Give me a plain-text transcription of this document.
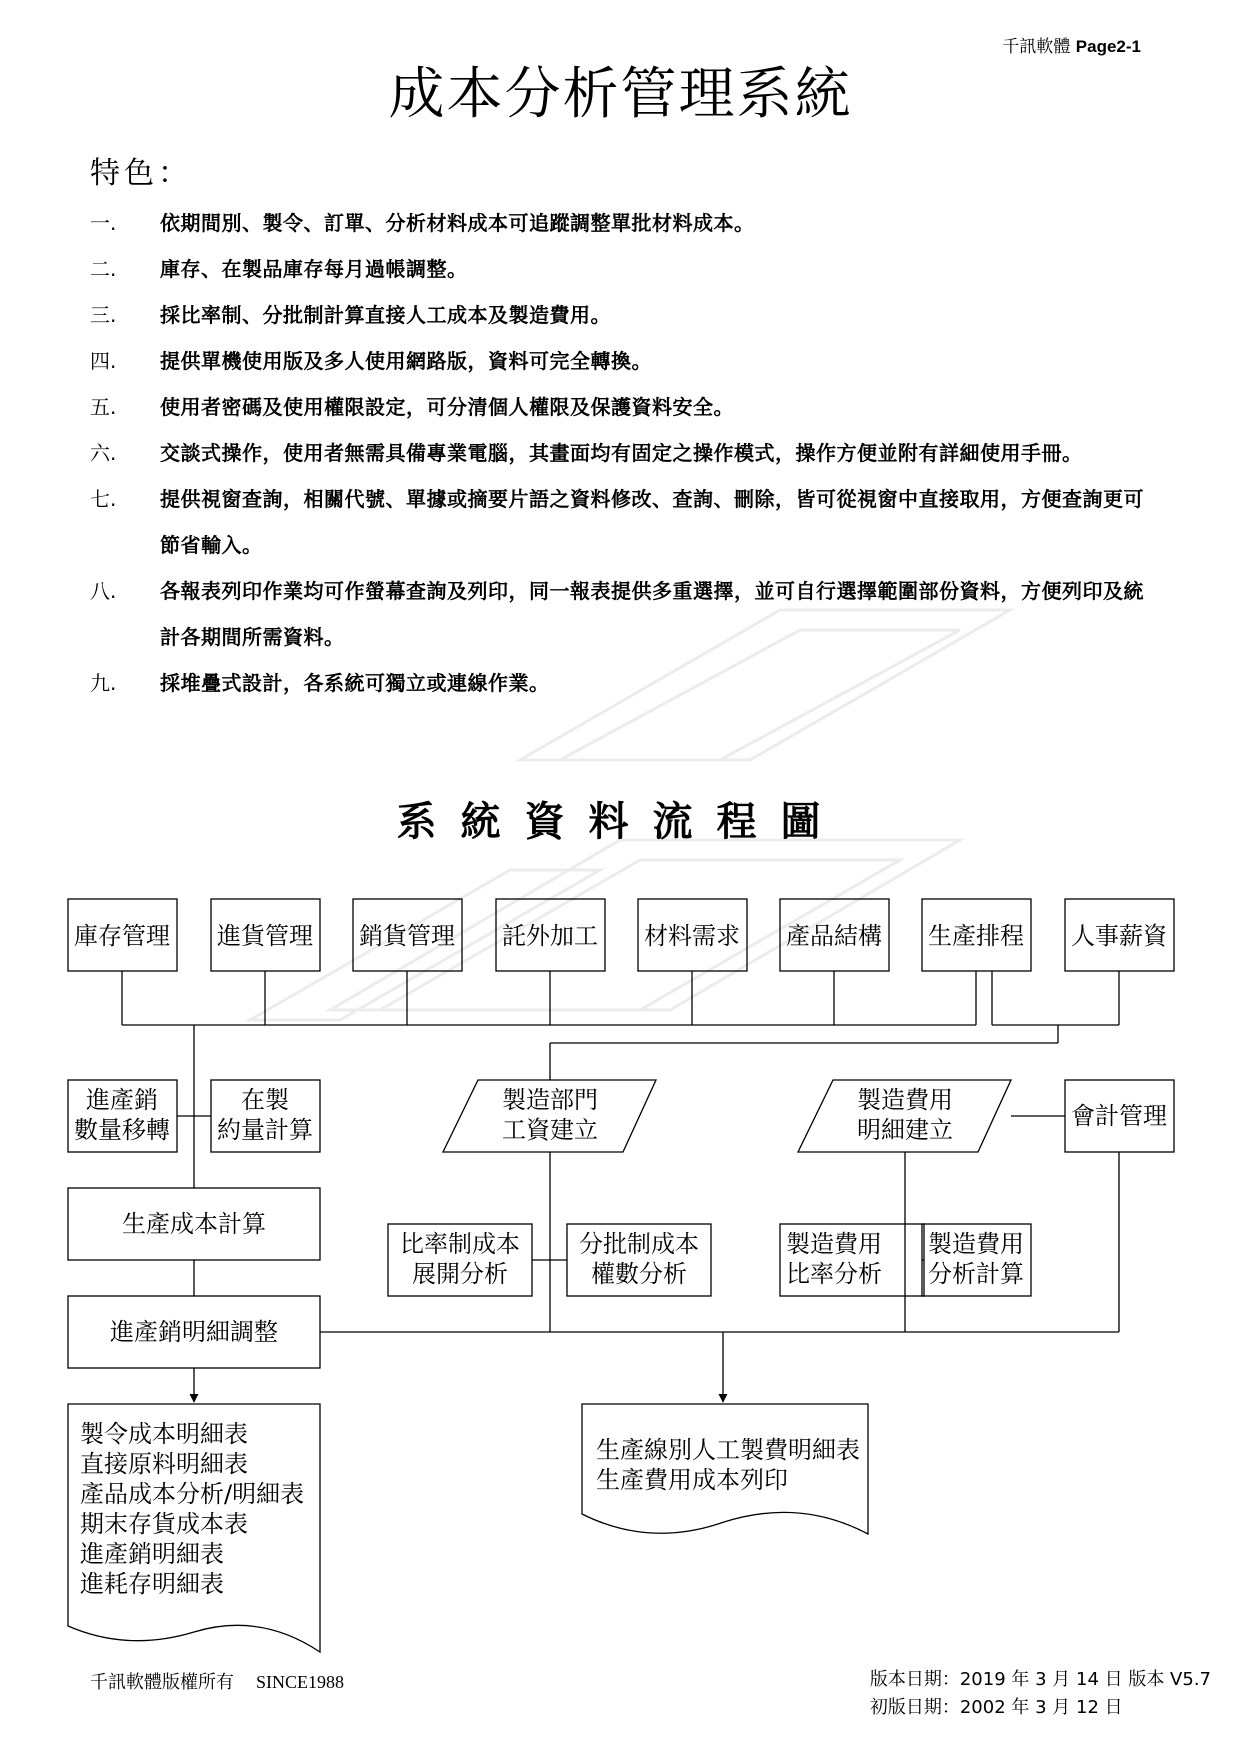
千訊軟體 Page2-1
成本分析管理系統
特色：
一. 依期間別、製令、訂單、分析材料成本可追蹤調整單批材料成本。
二. 庫存、在製品庫存每月過帳調整。
三. 採比率制、分批制計算直接人工成本及製造費用。
四. 提供單機使用版及多人使用網路版，資料可完全轉換。
五. 使用者密碼及使用權限設定，可分清個人權限及保護資料安全。
六. 交談式操作，使用者無需具備專業電腦，其畫面均有固定之操作模式，操作方便並附有詳細使用手冊。
七. 提供視窗查詢，相關代號、單據或摘要片語之資料修改、查詢、刪除，皆可從視窗中直接取用，方便查詢更可節省輸入。
八. 各報表列印作業均可作螢幕查詢及列印，同一報表提供多重選擇，並可自行選擇範圍部份資料，方便列印及統計各期間所需資料。
九. 採堆疊式設計，各系統可獨立或連線作業。
系統資料流程圖
庫存管理 進貨管理 銷貨管理 託外加工 材料需求 產品結構 生產排程 人事薪資
進產銷
數量移轉
在製
約量計算
製造部門
工資建立
製造費用
明細建立	會計管理
生產成本計算
比率制成本
展開分析
分批制成本
權數分析
製造費用
比率分析
製造費用
分析計算
進產銷明細調整
製令成本明細表
直接原料明細表
產品成本分析/明細表
期末存貨成本表
進產銷明細表
進耗存明細表
生產線別人工製費明細表
生產費用成本列印
千訊軟體版權所有 SINCE1988	版本日期：2019 年 3 月 14 日 版本 V5.7
初版日期：2002 年 3 月 12 日
